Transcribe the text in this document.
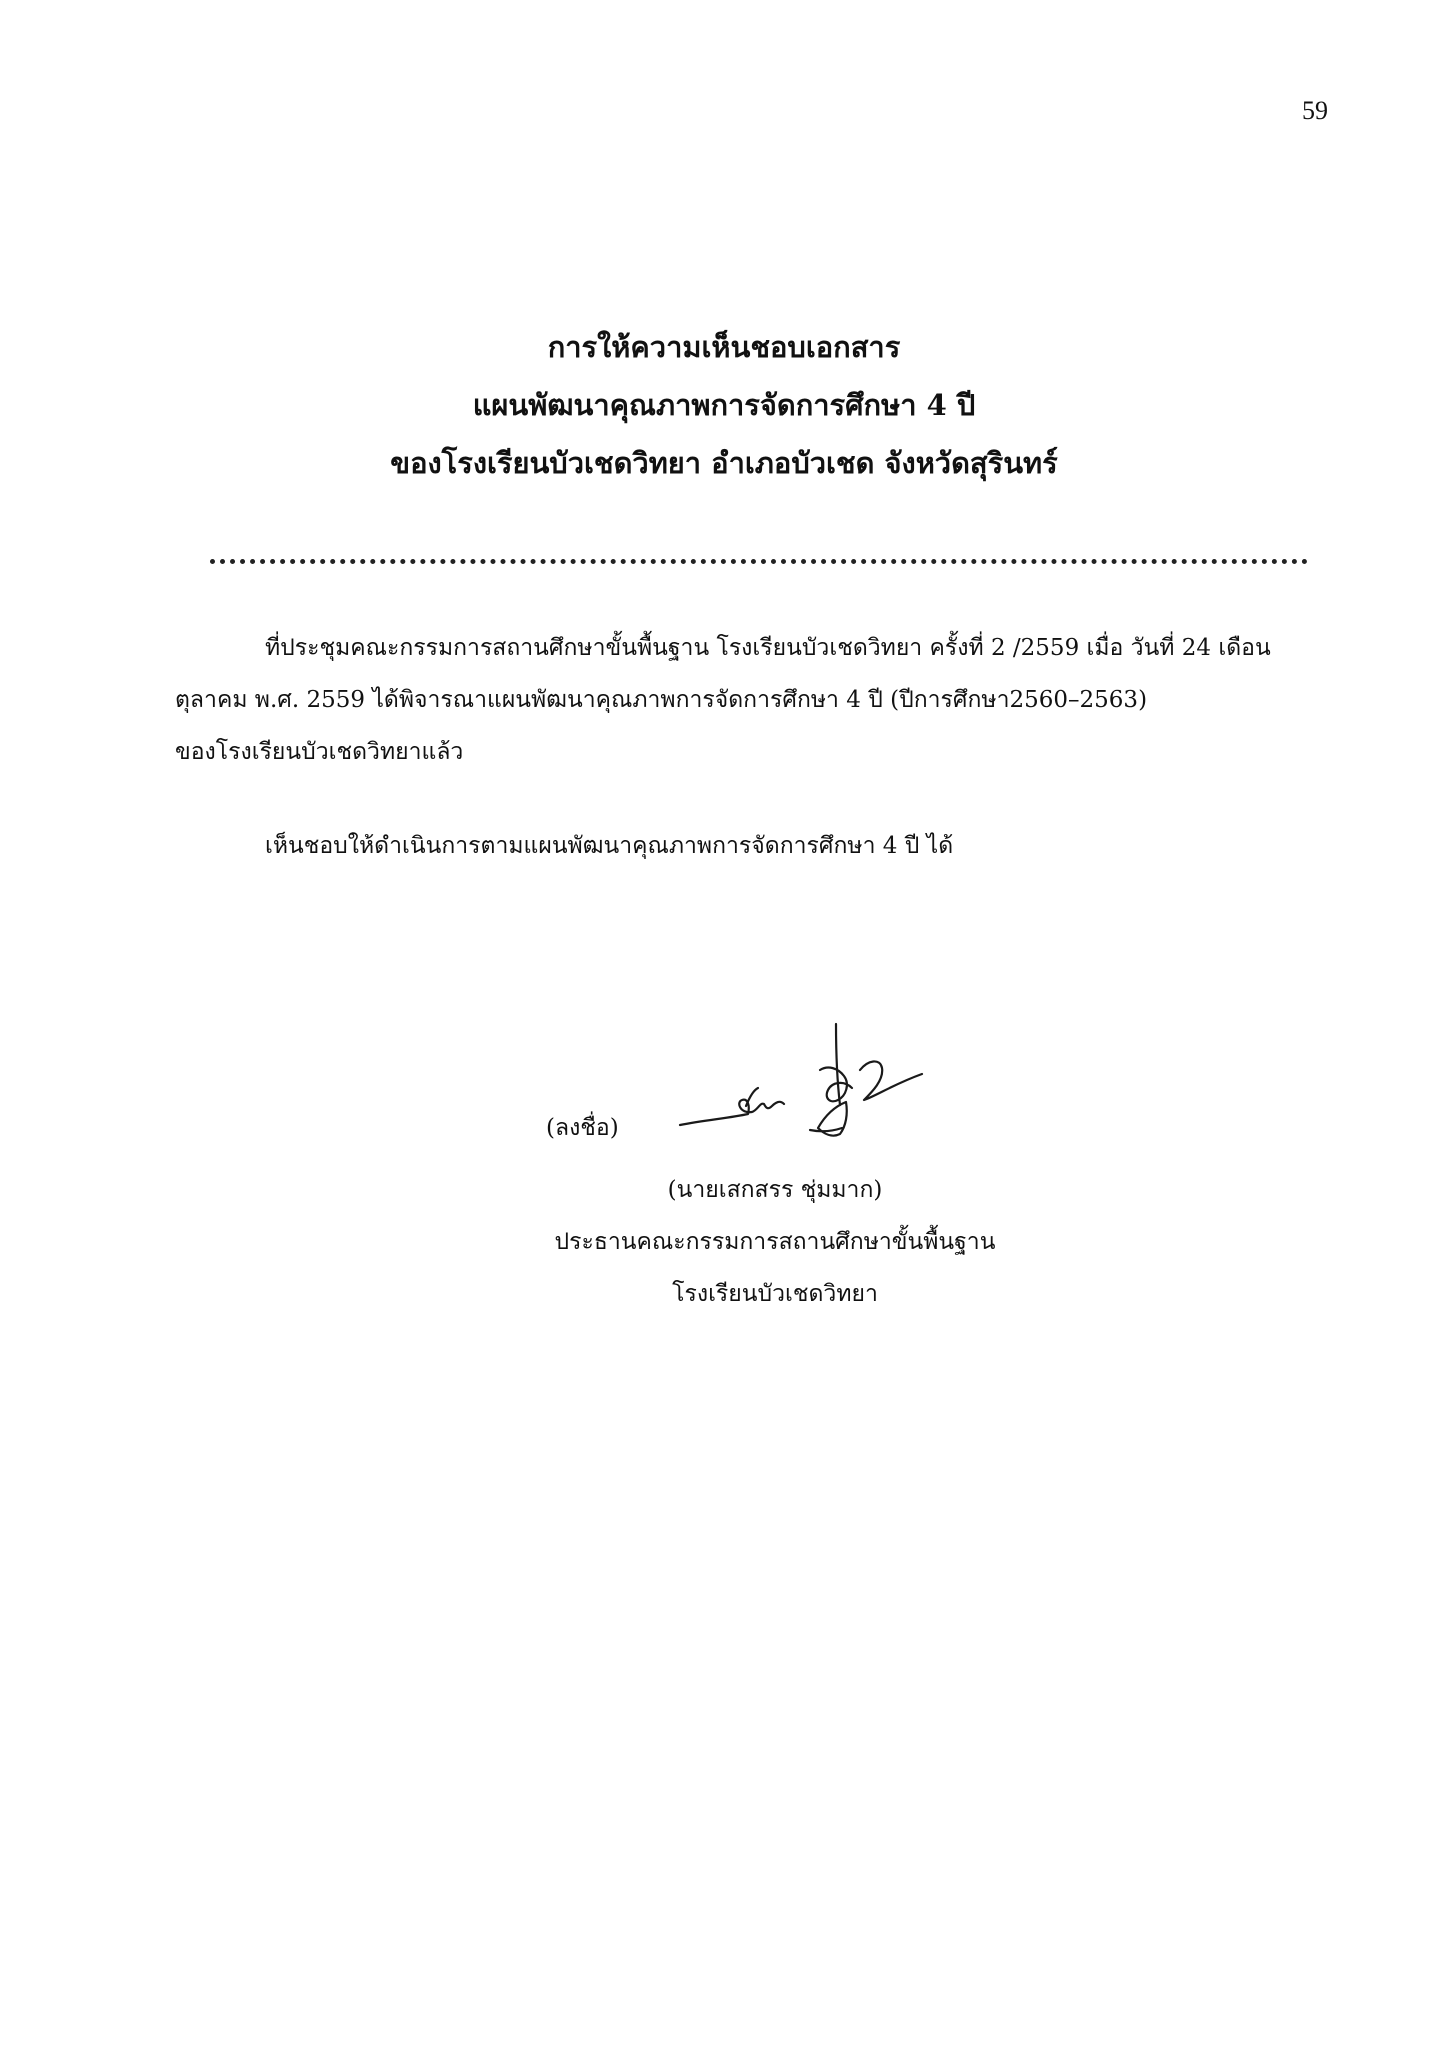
59
การให้ความเห็นชอบเอกสาร
แผนพัฒนาคุณภาพการจัดการศึกษา 4 ปี
ของโรงเรียนบัวเชดวิทยา อำเภอบัวเชด จังหวัดสุรินทร์
ที่ประชุมคณะกรรมการสถานศึกษาขั้นพื้นฐาน โรงเรียนบัวเชดวิทยา ครั้งที่ 2 /2559 เมื่อ วันที่ 24 เดือน
ตุลาคม พ.ศ. 2559 ได้พิจารณาแผนพัฒนาคุณภาพการจัดการศึกษา 4 ปี (ปีการศึกษา2560–2563)
ของโรงเรียนบัวเชดวิทยาแล้ว
เห็นชอบให้ดำเนินการตามแผนพัฒนาคุณภาพการจัดการศึกษา 4 ปี ได้
(ลงชื่อ)
(นายเสกสรร ชุ่มมาก)
ประธานคณะกรรมการสถานศึกษาขั้นพื้นฐาน
โรงเรียนบัวเชดวิทยา
